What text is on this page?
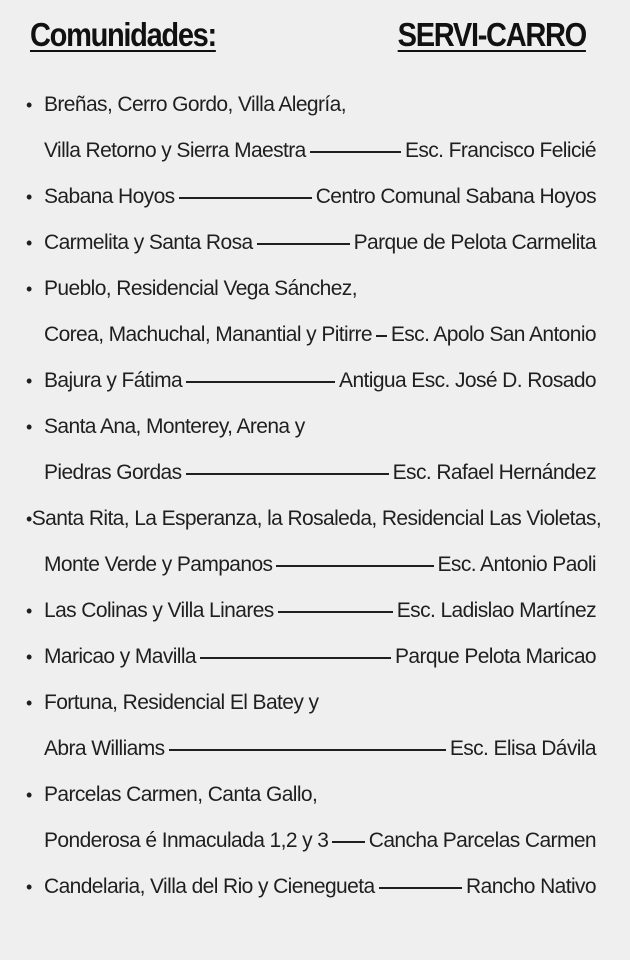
Comunidades:	SERVI-CARRO
• Breñas, Cerro Gordo, Villa Alegría,
Villa Retorno y Sierra Maestra	Esc. Francisco Felicié
• Sabana Hoyos	Centro Comunal Sabana Hoyos
• Carmelita y Santa Rosa	Parque de Pelota Carmelita
• Pueblo, Residencial Vega Sánchez,
Corea, Machuchal, Manantial y Pitirre Esc. Apolo San Antonio
• Bajura y Fátima	Antigua Esc. José D. Rosado
• Santa Ana, Monterey, Arena y
Piedras Gordas	Esc. Rafael Hernández
• Santa Rita, La Esperanza, la Rosaleda, Residencial Las Violetas,
Monte Verde y Pampanos	Esc. Antonio Paoli
• Las Colinas y Villa Linares	Esc. Ladislao Martínez
• Maricao y Mavilla	Parque Pelota Maricao
• Fortuna, Residencial El Batey y
Abra Williams	Esc. Elisa Dávila
• Parcelas Carmen, Canta Gallo,
Ponderosa é Inmaculada 1,2 y 3 Cancha Parcelas Carmen
• Candelaria, Villa del Rio y Cienegueta	Rancho Nativo
